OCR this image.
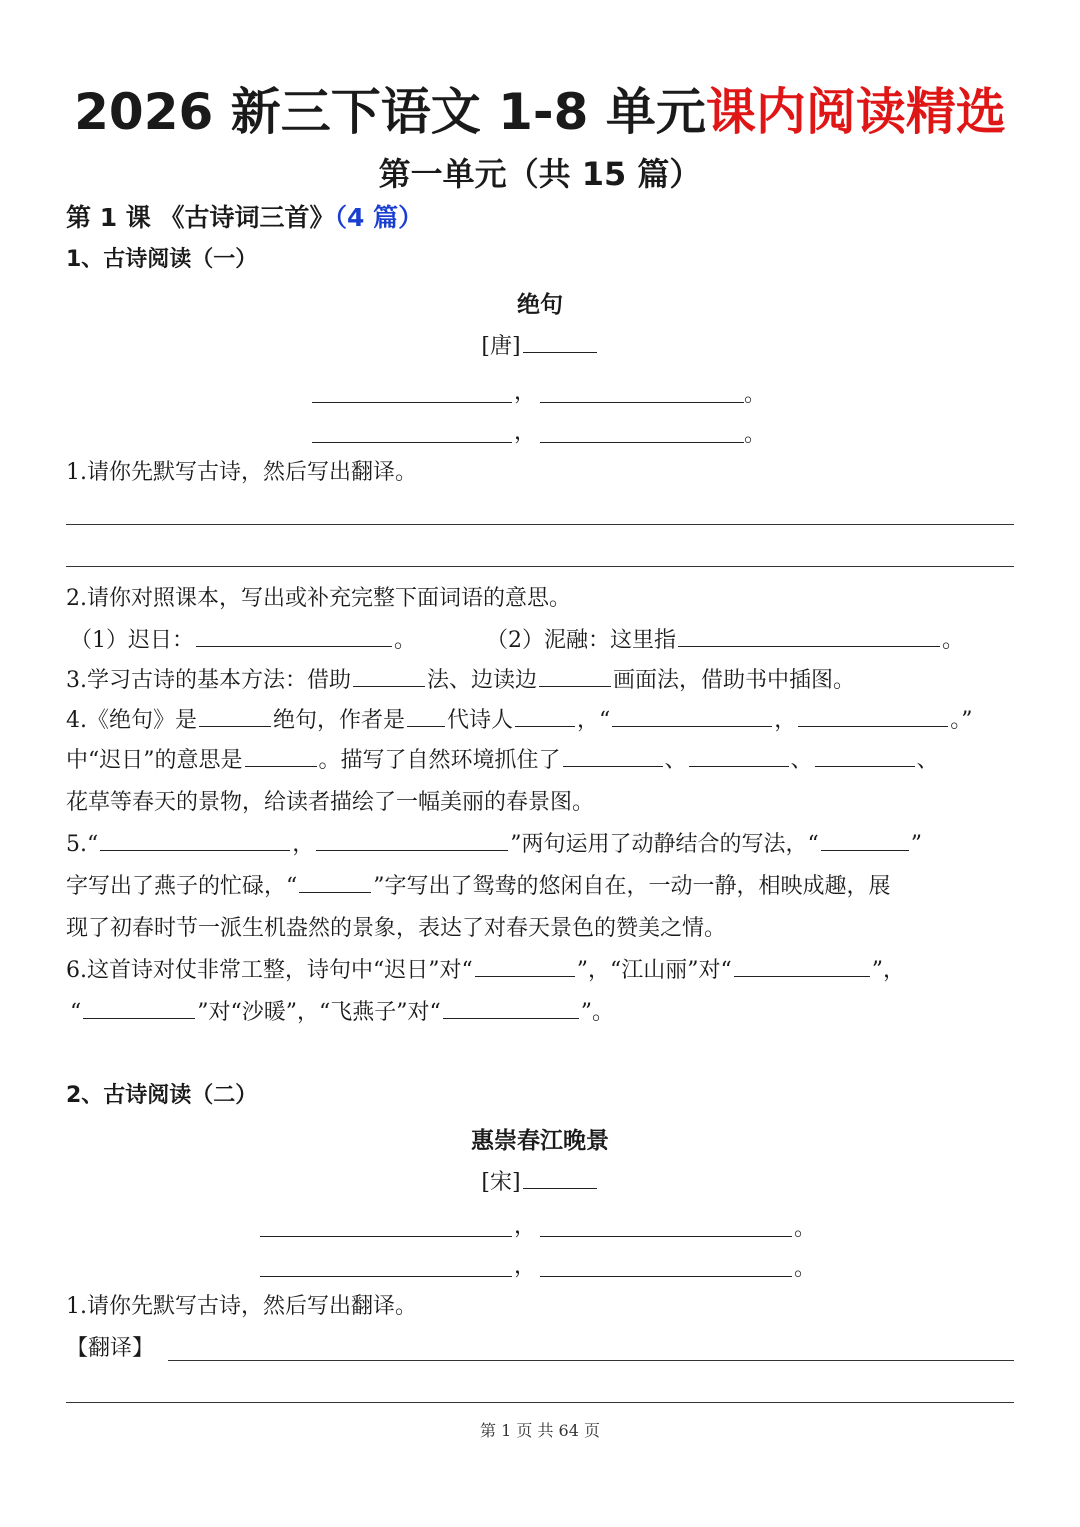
2026 新三下语文 1-8 单元课内阅读精选
第一单元（共 15 篇）
第 1 课 《古诗词三首》（4 篇）
1、古诗阅读（一）
绝句
[唐]
，	。
，	。
1.请你先默写古诗，然后写出翻译。
2.请你对照课本，写出或补充完整下面词语的意思。
（1）迟日：	。	（2）泥融：这里指	。
3.学习古诗的基本方法：借助	法、边读边	画面法，借助书中插图。
4.《绝句》是	绝句，作者是 代诗人	，“	，	。”
中“迟日”的意思是	。描写了自然环境抓住了	、	、	、
花草等春天的景物，给读者描绘了一幅美丽的春景图。
5.“	，	”两句运用了动静结合的写法，“	”
字写出了燕子的忙碌，“	”字写出了鸳鸯的悠闲自在，一动一静，相映成趣，展
现了初春时节一派生机盎然的景象，表达了对春天景色的赞美之情。
6.这首诗对仗非常工整，诗句中“迟日”对“	”，“江山丽”对“	”，
“	”对“沙暖”，“飞燕子”对“	”。
2、古诗阅读（二）
惠崇春江晚景
[宋]
，	。
，	。
1.请你先默写古诗，然后写出翻译。
【翻译】
第 1 页 共 64 页
